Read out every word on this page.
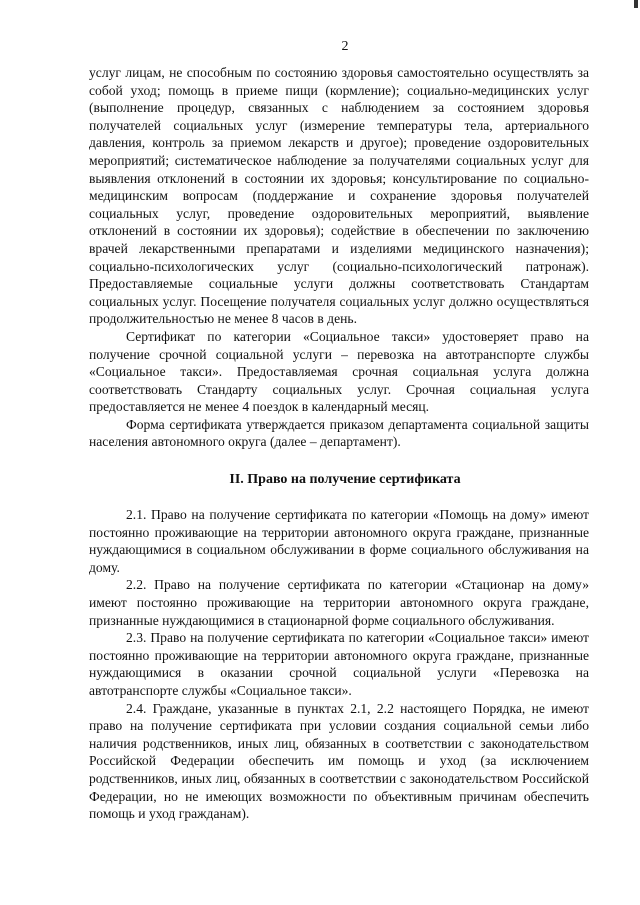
2

услуг лицам, не способным по состоянию здоровья самостоятельно осуществлять за собой уход; помощь в приеме пищи (кормление); социально-медицинских услуг (выполнение процедур, связанных с наблюдением за состоянием здоровья получателей социальных услуг (измерение температуры тела, артериального давления, контроль за приемом лекарств и другое); проведение оздоровительных мероприятий; систематическое наблюдение за получателями социальных услуг для выявления отклонений в состоянии их здоровья; консультирование по социально-медицинским вопросам (поддержание и сохранение здоровья получателей социальных услуг, проведение оздоровительных мероприятий, выявление отклонений в состоянии их здоровья); содействие в обеспечении по заключению врачей лекарственными препаратами и изделиями медицинского назначения); социально-психологических услуг (социально-психологический патронаж). Предоставляемые социальные услуги должны соответствовать Стандартам социальных услуг. Посещение получателя социальных услуг должно осуществляться продолжительностью не менее 8 часов в день.

Сертификат по категории «Социальное такси» удостоверяет право на получение срочной социальной услуги – перевозка на автотранспорте службы «Социальное такси». Предоставляемая срочная социальная услуга должна соответствовать Стандарту социальных услуг. Срочная социальная услуга предоставляется не менее 4 поездок в календарный месяц.

Форма сертификата утверждается приказом департамента социальной защиты населения автономного округа (далее – департамент).

II. Право на получение сертификата

2.1. Право на получение сертификата по категории «Помощь на дому» имеют постоянно проживающие на территории автономного округа граждане, признанные нуждающимися в социальном обслуживании в форме социального обслуживания на дому.

2.2. Право на получение сертификата по категории «Стационар на дому» имеют постоянно проживающие на территории автономного округа граждане, признанные нуждающимися в стационарной форме социального обслуживания.

2.3. Право на получение сертификата по категории «Социальное такси» имеют постоянно проживающие на территории автономного округа граждане, признанные нуждающимися в оказании срочной социальной услуги «Перевозка на автотранспорте службы «Социальное такси».

2.4. Граждане, указанные в пунктах 2.1, 2.2 настоящего Порядка, не имеют право на получение сертификата при условии создания социальной семьи либо наличия родственников, иных лиц, обязанных в соответствии с законодательством Российской Федерации обеспечить им помощь и уход (за исключением родственников, иных лиц, обязанных в соответствии с законодательством Российской Федерации, но не имеющих возможности по объективным причинам обеспечить помощь и уход гражданам).
